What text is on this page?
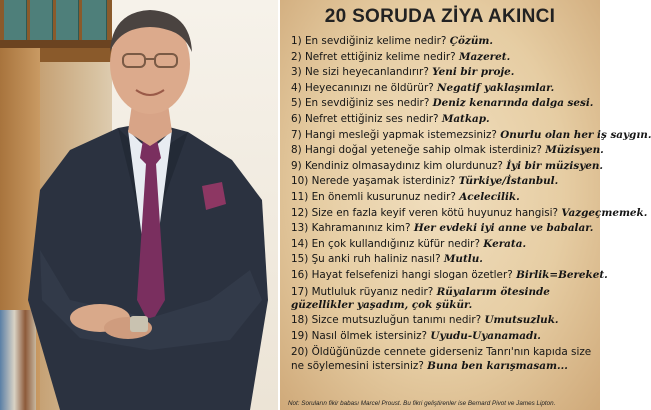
20 SORUDA ZİYA AKINCI
1) En sevdiğiniz kelime nedir? Çözüm.
2) Nefret ettiğiniz kelime nedir? Mazeret.
3) Ne sizi heyecanlandırır? Yeni bir proje.
4) Heyecanınızı ne öldürür? Negatif yaklaşımlar.
5) En sevdiğiniz ses nedir? Deniz kenarında dalga sesi.
6) Nefret ettiğiniz ses nedir? Matkap.
7) Hangi mesleği yapmak istemezsiniz? Onurlu olan her iş saygın.
8) Hangi doğal yeteneğe sahip olmak isterdiniz? Müzisyen.
9) Kendiniz olmasaydınız kim olurdunuz? İyi bir müzisyen.
10) Nerede yaşamak isterdiniz? Türkiye/İstanbul.
11) En önemli kusurunuz nedir? Acelecilik.
12) Size en fazla keyif veren kötü huyunuz hangisi? Vazgeçmemek.
13) Kahramanınız kim? Her evdeki iyi anne ve babalar.
14) En çok kullandığınız küfür nedir? Kerata.
15) Şu anki ruh haliniz nasıl? Mutlu.
16) Hayat felsefenizi hangi slogan özetler? Birlik=Bereket.
17) Mutluluk rüyanız nedir? Rüyalarım ötesinde güzellikler yaşadım, çok şükür.
18) Sizce mutsuzluğun tanımı nedir? Umutsuzluk.
19) Nasıl ölmek istersiniz? Uyudu-Uyanamadı.
20) Öldüğünüzde cennete giderseniz Tanrı'nın kapıda size ne söylemesini istersiniz? Buna ben karışmasam...
Not: Soruların fikir babası Marcel Proust. Bu fikri geliştirenler ise Bernard Pivot ve James Lipton.
